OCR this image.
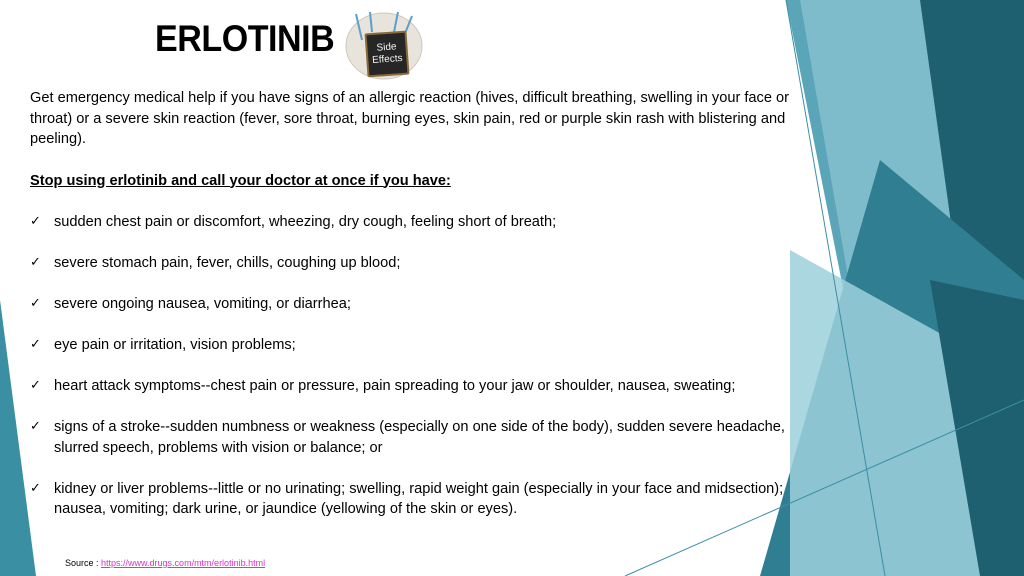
ERLOTINIB	Side
Effects

Get emergency medical help if you have signs of an allergic reaction (hives, difficult breathing, swelling in your face or throat) or a severe skin reaction (fever, sore throat, burning eyes, skin pain, red or purple skin rash with blistering and peeling).

Stop using erlotinib and call your doctor at once if you have:

✓ sudden chest pain or discomfort, wheezing, dry cough, feeling short of breath;
✓ severe stomach pain, fever, chills, coughing up blood;
✓ severe ongoing nausea, vomiting, or diarrhea;
✓ eye pain or irritation, vision problems;
✓ heart attack symptoms--chest pain or pressure, pain spreading to your jaw or shoulder, nausea, sweating;
✓ signs of a stroke--sudden numbness or weakness (especially on one side of the body), sudden severe headache, slurred speech, problems with vision or balance; or
✓ kidney or liver problems--little or no urinating; swelling, rapid weight gain (especially in your face and midsection); nausea, vomiting; dark urine, or jaundice (yellowing of the skin or eyes).
Source : https://www.drugs.com/mtm/erlotinib.html
